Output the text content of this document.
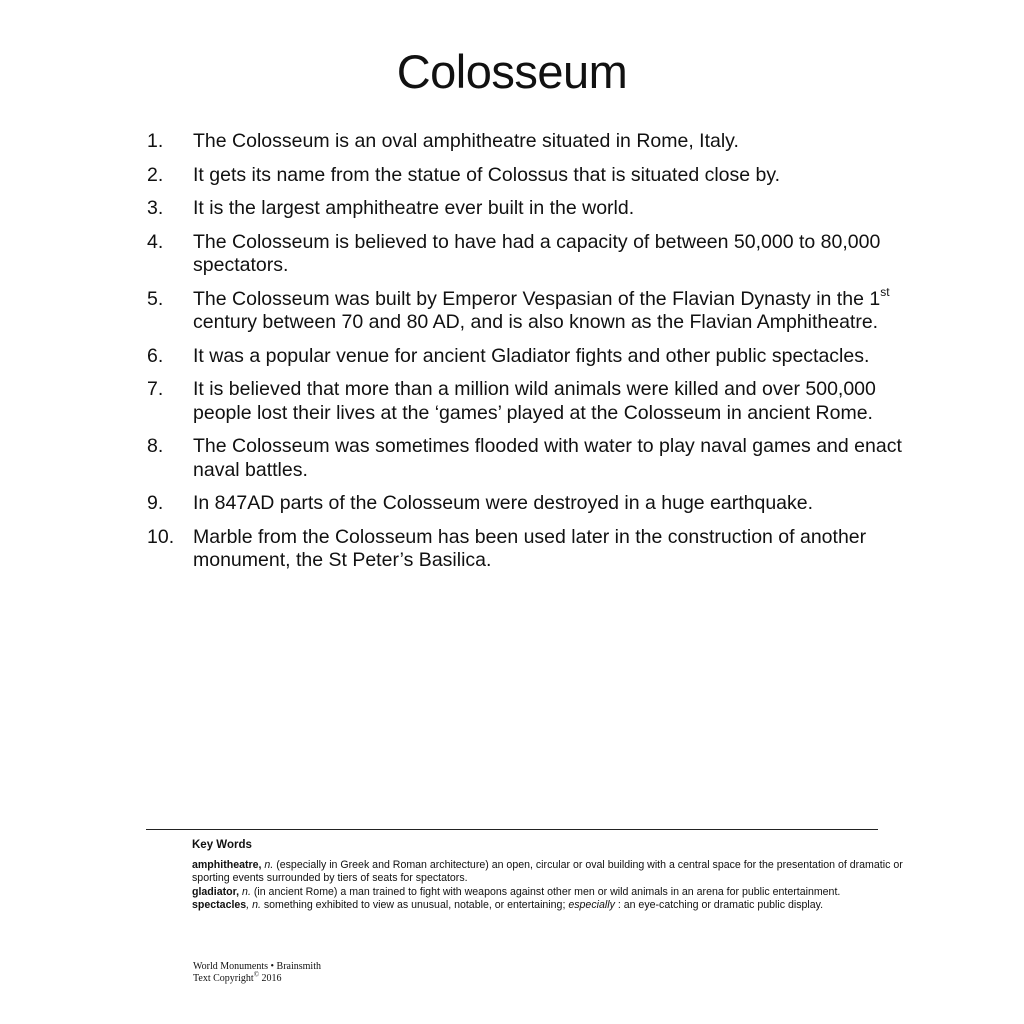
Colosseum
1. The Colosseum is an oval amphitheatre situated in Rome, Italy.
2. It gets its name from the statue of Colossus that is situated close by.
3. It is the largest amphitheatre ever built in the world.
4. The Colosseum is believed to have had a capacity of between 50,000 to 80,000 spectators.
5. The Colosseum was built by Emperor Vespasian of the Flavian Dynasty in the 1st century between 70 and 80 AD, and is also known as the Flavian Amphitheatre.
6. It was a popular venue for ancient Gladiator fights and other public spectacles.
7. It is believed that more than a million wild animals were killed and over 500,000 people lost their lives at the ‘games’ played at the Colosseum in ancient Rome.
8. The Colosseum was sometimes flooded with water to play naval games and enact naval battles.
9. In 847AD parts of the Colosseum were destroyed in a huge earthquake.
10. Marble from the Colosseum has been used later in the construction of another monument, the St Peter’s Basilica.
Key Words
amphitheatre, n. (especially in Greek and Roman architecture) an open, circular or oval building with a central space for the presentation of dramatic or sporting events surrounded by tiers of seats for spectators.
gladiator, n. (in ancient Rome) a man trained to fight with weapons against other men or wild animals in an arena for public entertainment.
spectacles, n. something exhibited to view as unusual, notable, or entertaining; especially : an eye-catching or dramatic public display.
World Monuments • Brainsmith
Text Copyright© 2016
